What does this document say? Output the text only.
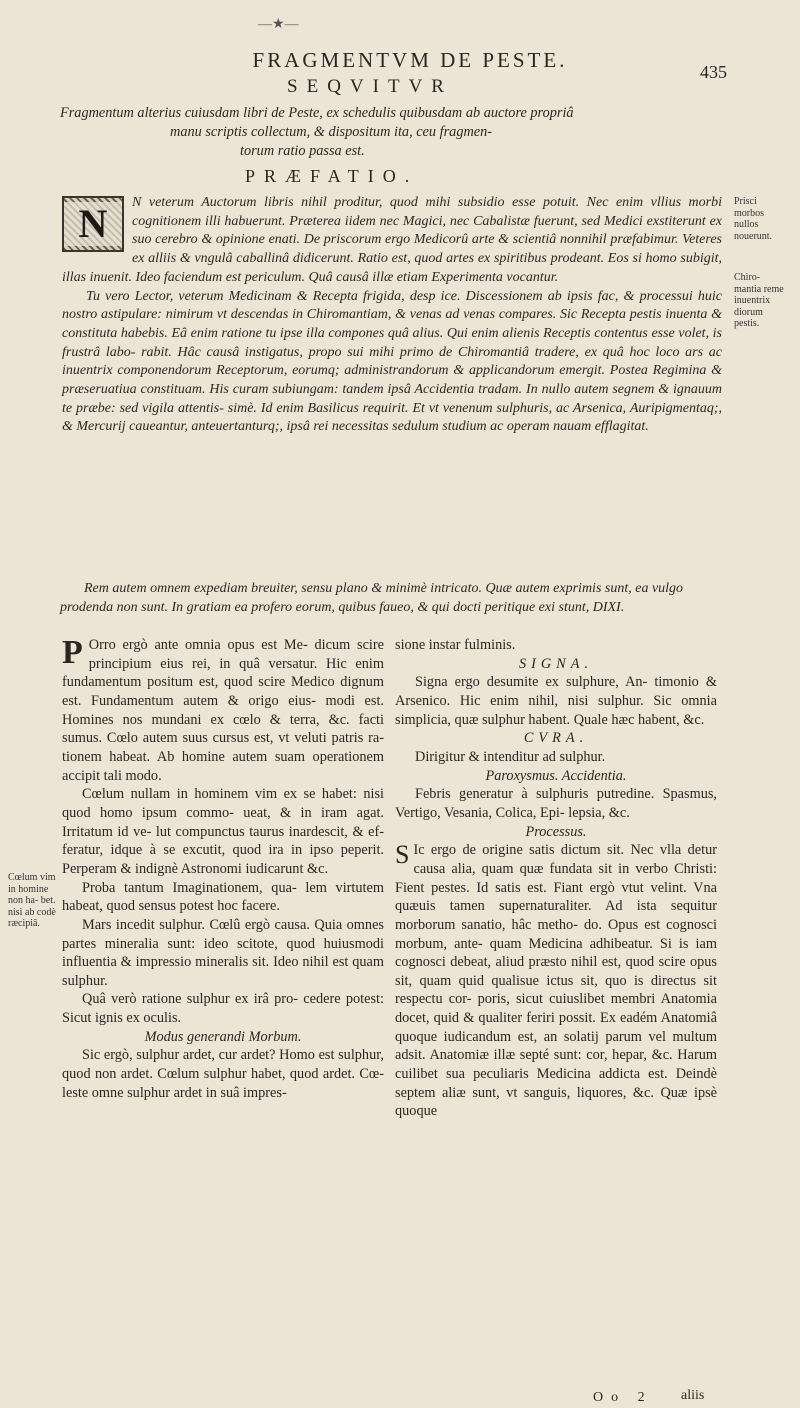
—★—
FRAGMENTVM DE PESTE.	435
SEQVITVR
Fragmentum alterius cuiusdam libri de Peste, ex schedulis quibusdam ab auctore propriâ
manu scriptis collectum, & dispositum ita, ceu fragmen-
torum ratio passa est.
PRÆFATIO.
N	N veterum Auctorum libris nihil proditur, quod mihi subsidio esse potuit. Nec enim vllius morbi cognitionem illi habuerunt. Præterea iidem nec Magici, nec Cabalistæ fuerunt, sed Medici exstiterunt ex suo cerebro & opinione enati. De priscorum ergo Medicorû arte & scientiâ nonnihil præfabimur. Veteres ex alliis & vngulâ caballinâ didicerunt. Ratio est, quod artes ex spiritibus prodeant. Eos si homo subigit, illas inuenit. Ideo faciendum est periculum. Quâ causâ illæ etiam Experimenta vocantur.

Tu vero Lector, veterum Medicinam & Recepta frigida, desp ice. Discessionem ab ipsis fac, & processui huic nostro astipulare: nimirum vt descendas in Chiromantiam, & venas ad venas compares. Sic Recepta pestis inuenta & constituta habebis. Eâ enim ratione tu ipse illa compones quâ alius. Qui enim alienis Receptis contentus esse volet, is frustrâ labo- rabit. Hâc causâ instigatus, propo sui mihi primo de Chiromantiâ tradere, ex quâ hoc loco ars ac inuentrix componendorum Receptorum, eorumq; administrandorum & applicandorum emergit. Postea Regimina & præseruatiua constituam. His curam subiungam: tandem ipsâ Accidentia tradam. In nullo autem segnem & ignauum te præbe: sed vigila attentis- simè. Id enim Basilicus requirit. Et vt venenum sulphuris, ac Arsenica, Auripigmentaq;, & Mercurij caueantur, anteuertanturq;, ipsâ rei necessitas sedulum studium ac operam nauam efflagitat.

Prisci morbos nullos nouerunt.
Chiro- mantia reme inuentrix diorum pestis.
Rem autem omnem expediam breuiter, sensu plano & minimè intricato. Quæ autem exprimis sunt, ea vulgo prodenda non sunt. In gratiam ea profero eorum, quibus faueo, & qui docti peritique exi stunt, DIXI.

P Orro ergò ante omnia opus est Me- dicum scire principium eius rei, in quâ versatur. Hic enim fundamentum positum est, quod scire Medico dignum est. Fundamentum autem & origo eius- modi est. Homines nos mundani ex cœlo & terra, &c. facti sumus. Cœlo autem suus cursus est, vt veluti patris ra- tionem habeat. Ab homine autem suam operationem accipit tali modo.

Cœlum nullam in hominem vim ex se habet: nisi quod homo ipsum commo- ueat, & in iram agat. Irritatum id ve- lut compunctus taurus inardescit, & ef- feratur, idque à se excutit, quod ira in ipso peperit. Perperam & indignè Astronomi iudicarunt &c.

Proba tantum Imaginationem, qua- lem virtutem habeat, quod sensus potest hoc facere.

Mars incedit sulphur. Cœlû ergò causa. Quia omnes partes mineralia sunt: ideo scitote, quod huiusmodi influentia & impressio mineralis sit. Ideo nihil est quam sulphur.

Quâ verò ratione sulphur ex irâ pro- cedere potest: Sicut ignis ex oculis.

Modus generandi Morbum.

Sic ergò, sulphur ardet, cur ardet? Homo est sulphur, quod non ardet. Cœlum sulphur habet, quod ardet. Cœ- leste omne sulphur ardet in suâ impres-

Cœlum vim in homine non ha- bet. nisi ab codè ræcipiâ.

sione instar fulminis.

SIGNA.

Signa ergo desumite ex sulphure, An- timonio & Arsenico. Hic enim nihil, nisi sulphur. Sic omnia simplicia, quæ sulphur habent. Quale hæc habent, &c.

CVRA.

Dirigitur & intenditur ad sulphur.

Paroxysmus. Accidentia.

Febris generatur à sulphuris putredine. Spasmus, Vertigo, Vesania, Colica, Epi- lepsia, &c.

Processus.

S Ic ergo de origine satis dictum sit. Nec vlla detur causa alia, quam quæ fundata sit in verbo Christi: Fient pestes. Id satis est. Fiant ergò vtut velint. Vna quæuis tamen supernaturaliter. Ad ista sequitur morborum sanatio, hâc metho- do. Opus est cognosci morbum, ante- quam Medicina adhibeatur. Si is iam cognosci debeat, aliud præsto nihil est, quod scire opus sit, quam quid qualisue ictus sit, quo is directus sit respectu cor- poris, sicut cuiuslibet membri Anatomia docet, quid & qualiter feriri possit. Ex eadém Anatomiâ quoque iudicandum est, an solatij parum vel multum adsit. Anatomiæ illæ septé sunt: cor, hepar, &c. Harum cuilibet sua peculiaris Medicina addicta est. Deindè septem aliæ sunt, vt sanguis, liquores, &c. Quæ ipsè quoque

Oo 2 aliis
